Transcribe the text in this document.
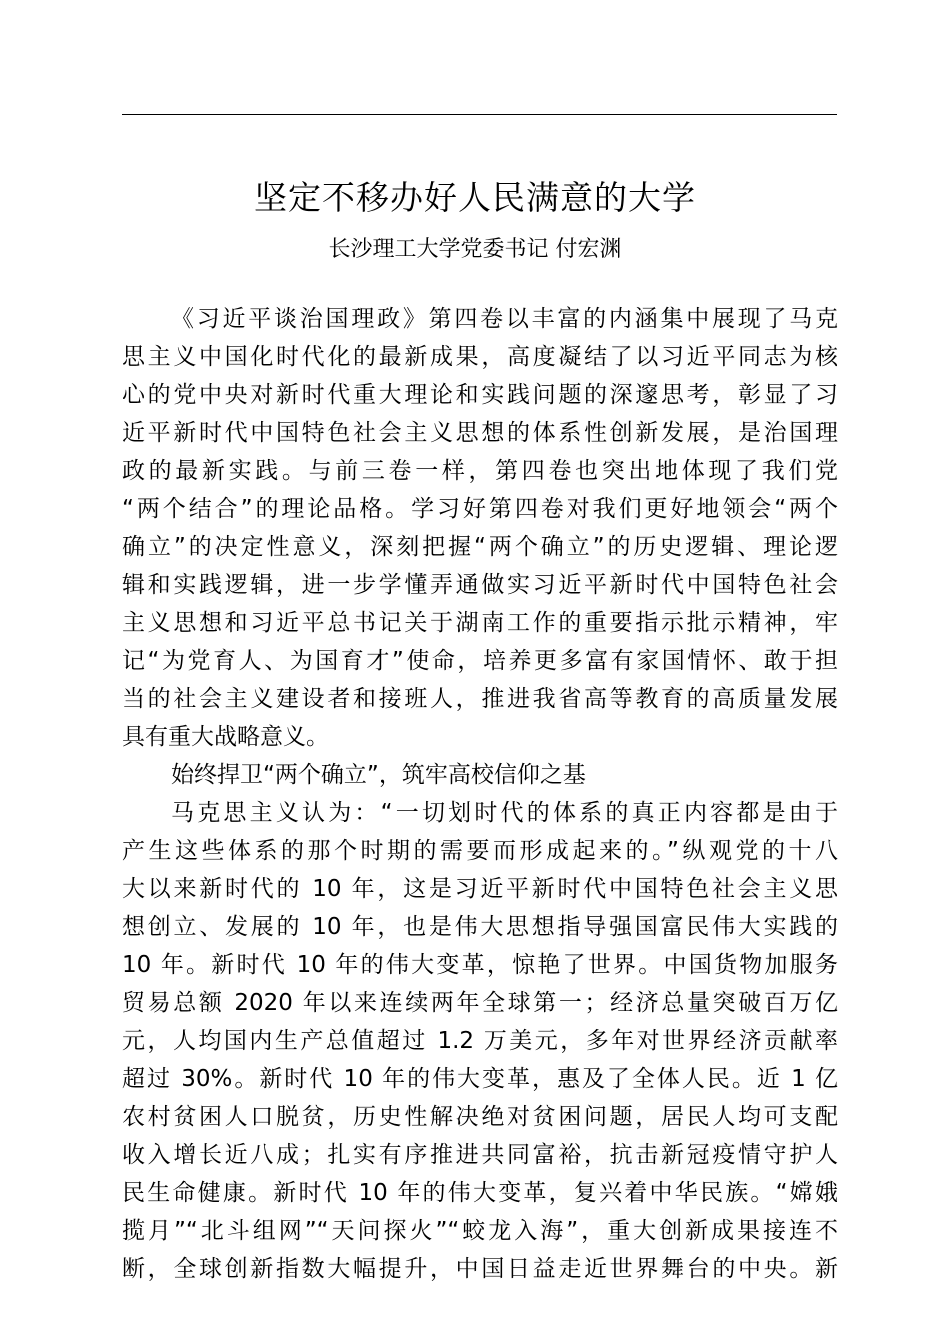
坚定不移办好人民满意的大学
长沙理工大学党委书记 付宏渊
《习近平谈治国理政》第四卷以丰富的内涵集中展现了马克
思主义中国化时代化的最新成果，高度凝结了以习近平同志为核
心的党中央对新时代重大理论和实践问题的深邃思考，彰显了习
近平新时代中国特色社会主义思想的体系性创新发展，是治国理
政的最新实践。与前三卷一样，第四卷也突出地体现了我们党
“两个结合”的理论品格。学习好第四卷对我们更好地领会“两个
确立”的决定性意义，深刻把握“两个确立”的历史逻辑、理论逻
辑和实践逻辑，进一步学懂弄通做实习近平新时代中国特色社会
主义思想和习近平总书记关于湖南工作的重要指示批示精神，牢
记“为党育人、为国育才”使命，培养更多富有家国情怀、敢于担
当的社会主义建设者和接班人，推进我省高等教育的高质量发展
具有重大战略意义。
始终捍卫“两个确立”，筑牢高校信仰之基
马克思主义认为：“一切划时代的体系的真正内容都是由于
产生这些体系的那个时期的需要而形成起来的。”纵观党的十八
大以来新时代的 10 年，这是习近平新时代中国特色社会主义思
想创立、发展的 10 年，也是伟大思想指导强国富民伟大实践的
10 年。新时代 10 年的伟大变革，惊艳了世界。中国货物加服务
贸易总额 2020 年以来连续两年全球第一；经济总量突破百万亿
元，人均国内生产总值超过 1.2 万美元，多年对世界经济贡献率
超过 30%。新时代 10 年的伟大变革，惠及了全体人民。近 1 亿
农村贫困人口脱贫，历史性解决绝对贫困问题，居民人均可支配
收入增长近八成；扎实有序推进共同富裕，抗击新冠疫情守护人
民生命健康。新时代 10 年的伟大变革，复兴着中华民族。“嫦娥
揽月”“北斗组网”“天问探火”“蛟龙入海”，重大创新成果接连不
断，全球创新指数大幅提升，中国日益走近世界舞台的中央。新
